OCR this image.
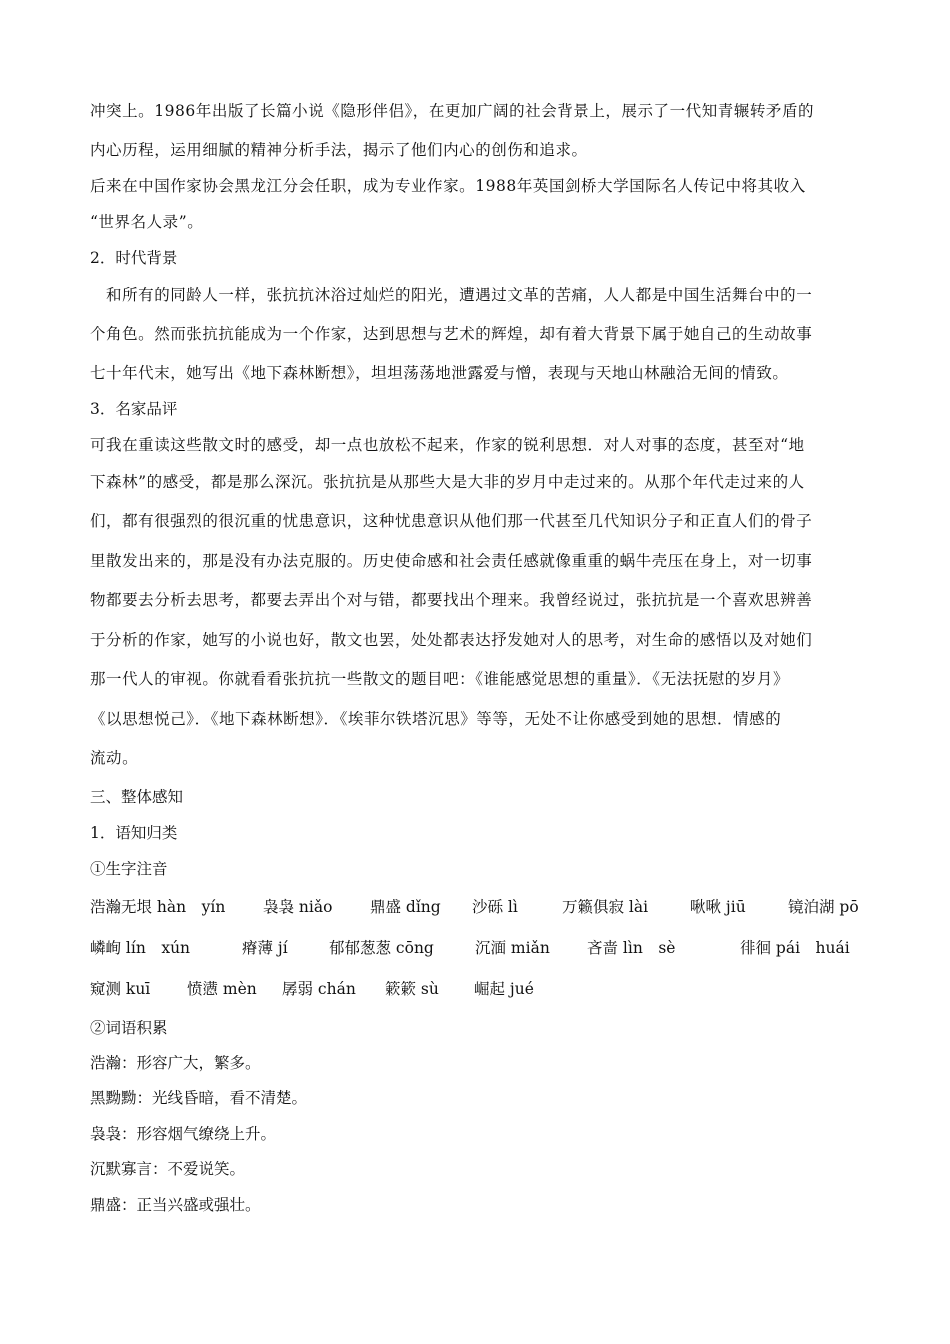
冲突上。1986年出版了长篇小说《隐形伴侣》，在更加广阔的社会背景上，展示了一代知青辗转矛盾的
内心历程，运用细腻的精神分析手法，揭示了他们内心的创伤和追求。
后来在中国作家协会黑龙江分会任职，成为专业作家。1988年英国剑桥大学国际名人传记中将其收入
“世界名人录”。
2．时代背景
　和所有的同龄人一样，张抗抗沐浴过灿烂的阳光，遭遇过文革的苦痛，人人都是中国生活舞台中的一
个角色。然而张抗抗能成为一个作家，达到思想与艺术的辉煌，却有着大背景下属于她自己的生动故事
七十年代末，她写出《地下森林断想》，坦坦荡荡地泄露爱与憎，表现与天地山林融洽无间的情致。
3．名家品评
可我在重读这些散文时的感受，却一点也放松不起来，作家的锐利思想．对人对事的态度，甚至对“地
下森林”的感受，都是那么深沉。张抗抗是从那些大是大非的岁月中走过来的。从那个年代走过来的人
们，都有很强烈的很沉重的忧患意识，这种忧患意识从他们那一代甚至几代知识分子和正直人们的骨子
里散发出来的，那是没有办法克服的。历史使命感和社会责任感就像重重的蜗牛壳压在身上，对一切事
物都要去分析去思考，都要去弄出个对与错，都要找出个理来。我曾经说过，张抗抗是一个喜欢思辨善
于分析的作家，她写的小说也好，散文也罢，处处都表达抒发她对人的思考，对生命的感悟以及对她们
那一代人的审视。你就看看张抗抗一些散文的题目吧：《谁能感觉思想的重量》．《无法抚慰的岁月》
《以思想悦己》．《地下森林断想》．《埃菲尔铁塔沉思》等等，无处不让你感受到她的思想．情感的
流动。
三、整体感知
1．语知归类
①生字注音
浩瀚无垠 hàn　yín 袅袅 niǎo 鼎盛 dǐng 沙砾 lì	万籁俱寂 lài	啾啾 jiū	镜泊湖 pō
嶙峋 lín　xún	瘠薄 jí	郁郁葱葱 cōng	沉湎 miǎn 吝啬 lìn　sè	徘徊 pái　huái
窥测 kuī 愤懑 mèn 孱弱 chán 簌簌 sù 崛起 jué
②词语积累
浩瀚：形容广大，繁多。
黑黝黝：光线昏暗，看不清楚。
袅袅：形容烟气缭绕上升。
沉默寡言：不爱说笑。
鼎盛：正当兴盛或强壮。
